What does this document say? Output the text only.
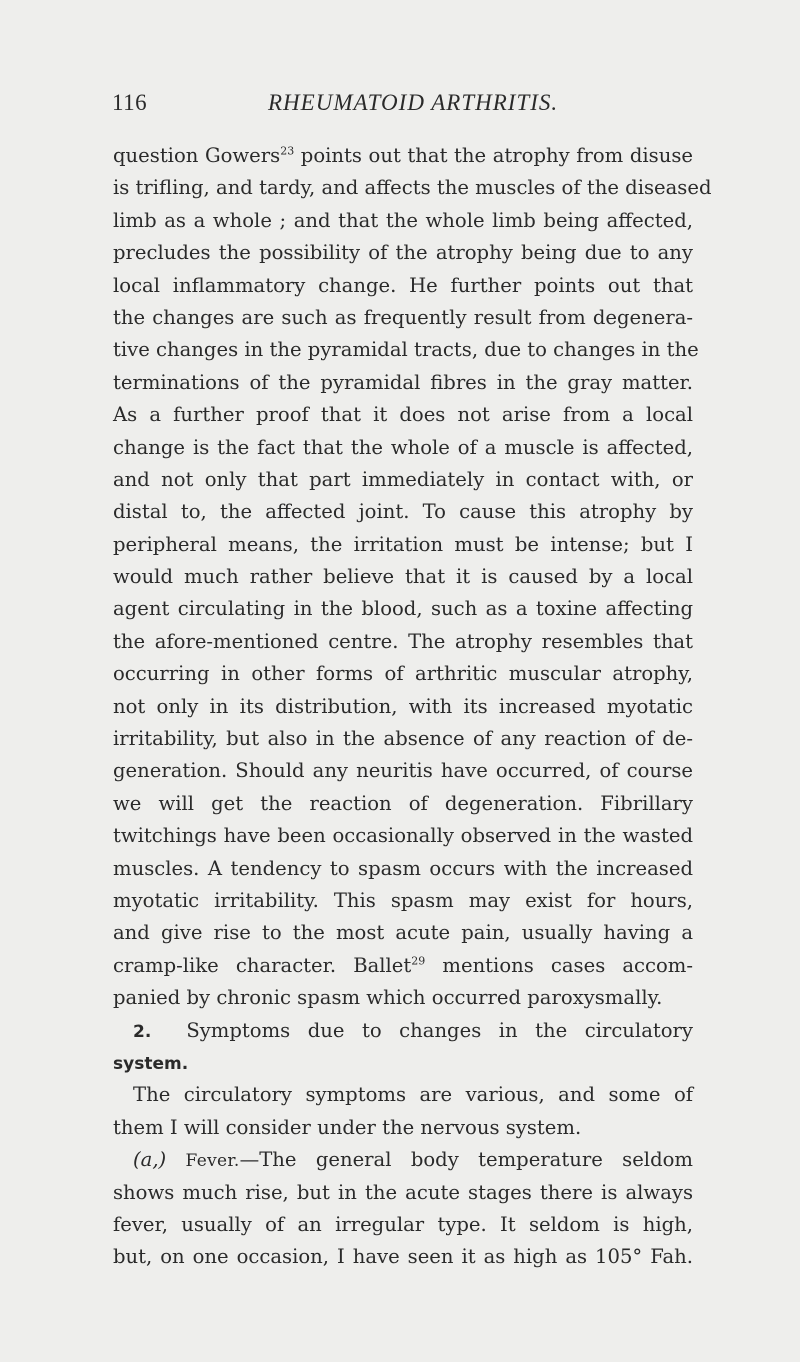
116	RHEUMATOID ARTHRITIS.
question Gowers$^{23}$ points out that the atrophy from disuse
is trifling, and tardy, and affects the muscles of the diseased
limb as a whole ; and that the whole limb being affected,
precludes the possibility of the atrophy being due to any
local inflammatory change. He further points out that
the changes are such as frequently result from degenera-
tive changes in the pyramidal tracts, due to changes in the
terminations of the pyramidal fibres in the gray matter.
As a further proof that it does not arise from a local
change is the fact that the whole of a muscle is affected,
and not only that part immediately in contact with, or
distal to, the affected joint. To cause this atrophy by
peripheral means, the irritation must be intense; but I
would much rather believe that it is caused by a local
agent circulating in the blood, such as a toxine affecting
the afore-mentioned centre. The atrophy resembles that
occurring in other forms of arthritic muscular atrophy,
not only in its distribution, with its increased myotatic
irritability, but also in the absence of any reaction of de-
generation. Should any neuritis have occurred, of course
we will get the reaction of degeneration. Fibrillary
twitchings have been occasionally observed in the wasted
muscles. A tendency to spasm occurs with the increased
myotatic irritability. This spasm may exist for hours,
and give rise to the most acute pain, usually having a
cramp-like character. Ballet$^{29}$ mentions cases accom-
panied by chronic spasm which occurred paroxysmally.
2. Symptoms due to changes in the circulatory
system.
The circulatory symptoms are various, and some of
them I will consider under the nervous system.
(a,) Fever.—The general body temperature seldom
shows much rise, but in the acute stages there is always
fever, usually of an irregular type. It seldom is high,
but, on one occasion, I have seen it as high as 105° Fah.
